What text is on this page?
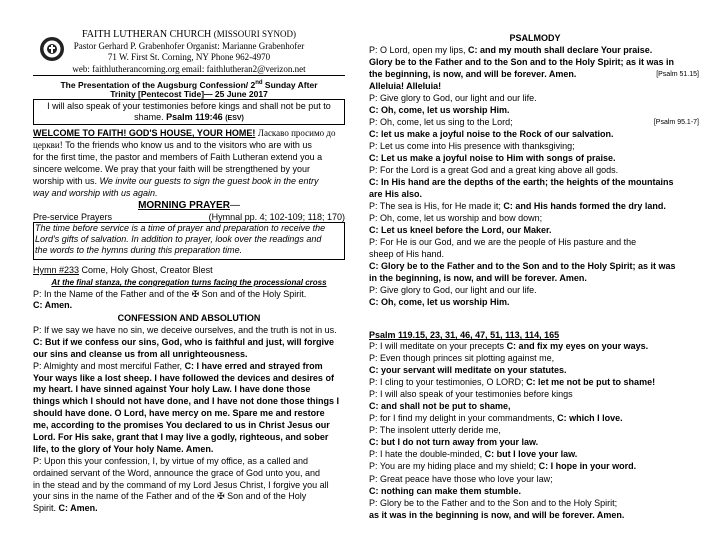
FAITH LUTHERAN CHURCH (MISSOURI SYNOD)
Pastor Gerhard P. Grabenhofer Organist: Marianne Grabenhofer
71 W. First St. Corning, NY Phone 962-4970
web: faithlutherancorning.org email: faithlutheran2@verizon.net
The Presentation of the Augsburg Confession/ 2nd Sunday After
Trinity [Pentecost Tide]— 25 June 2017
I will also speak of your testimonies before kings and shall not be put to
shame. Psalm 119:46 (ESV)
WELCOME TO FAITH! GOD'S HOUSE, YOUR HOME! Ласкаво просимо до
церкви! To the friends who know us and to the visitors who are with us
for the first time, the pastor and members of Faith Lutheran extend you a
sincere welcome. We pray that your faith will be strengthened by your
worship with us. We invite our guests to sign the guest book in the entry
way and worship with us again.
MORNING PRAYER—
Pre-service Prayers	(Hymnal pp. 4; 102-109; 118; 170)
The time before service is a time of prayer and preparation to receive the
Lord's gifts of salvation. In addition to prayer, look over the readings and
the words to the hymns during this preparation time.
Hymn #233 Come, Holy Ghost, Creator Blest
At the final stanza, the congregation turns facing the processional cross
P: In the Name of the Father and of the ✠ Son and of the Holy Spirit.
C: Amen.
CONFESSION AND ABSOLUTION
P: If we say we have no sin, we deceive ourselves, and the truth is not in us.
C: But if we confess our sins, God, who is faithful and just, will forgive
our sins and cleanse us from all unrighteousness.
P: Almighty and most merciful Father, C: I have erred and strayed from
Your ways like a lost sheep. I have followed the devices and desires of
my heart. I have sinned against Your holy Law. I have done those
things which I should not have done, and I have not done those things I
should have done. O Lord, have mercy on me. Spare me and restore
me, according to the promises You declared to us in Christ Jesus our
Lord. For His sake, grant that I may live a godly, righteous, and sober
life, to the glory of Your holy Name. Amen.
P: Upon this your confession, I, by virtue of my office, as a called and
ordained servant of the Word, announce the grace of God unto you, and
in the stead and by the command of my Lord Jesus Christ, I forgive you all
your sins in the name of the Father and of the ✠ Son and of the Holy
Spirit. C: Amen.
PSALMODY
P: O Lord, open my lips, C: and my mouth shall declare Your praise.
Glory be to the Father and to the Son and to the Holy Spirit; as it was in
the beginning, is now, and will be forever. Amen.	[Psalm 51.15]
Alleluia! Alleluia!
P: Give glory to God, our light and our life.
C: Oh, come, let us worship Him.
P: Oh, come, let us sing to the Lord;	[Psalm 95.1-7]
C: let us make a joyful noise to the Rock of our salvation.
P: Let us come into His presence with thanksgiving;
C: Let us make a joyful noise to Him with songs of praise.
P: For the Lord is a great God and a great king above all gods.
C: In His hand are the depths of the earth; the heights of the mountains
are His also.
P: The sea is His, for He made it; C: and His hands formed the dry land.
P: Oh, come, let us worship and bow down;
C: Let us kneel before the Lord, our Maker.
P: For He is our God, and we are the people of His pasture and the
sheep of His hand.
C: Glory be to the Father and to the Son and to the Holy Spirit; as it was
in the beginning, is now, and will be forever. Amen.
P: Give glory to God, our light and our life.
C: Oh, come, let us worship Him.
Psalm 119.15, 23, 31, 46, 47, 51, 113, 114, 165
P: I will meditate on your precepts C: and fix my eyes on your ways.
P: Even though princes sit plotting against me,
C: your servant will meditate on your statutes.
P: I cling to your testimonies, O LORD; C: let me not be put to shame!
P: I will also speak of your testimonies before kings
C: and shall not be put to shame,
P: for I find my delight in your commandments, C: which I love.
P: The insolent utterly deride me,
C: but I do not turn away from your law.
P: I hate the double-minded, C: but I love your law.
P: You are my hiding place and my shield; C: I hope in your word.
P: Great peace have those who love your law;
C: nothing can make them stumble.
P: Glory be to the Father and to the Son and to the Holy Spirit;
as it was in the beginning is now, and will be forever. Amen.
